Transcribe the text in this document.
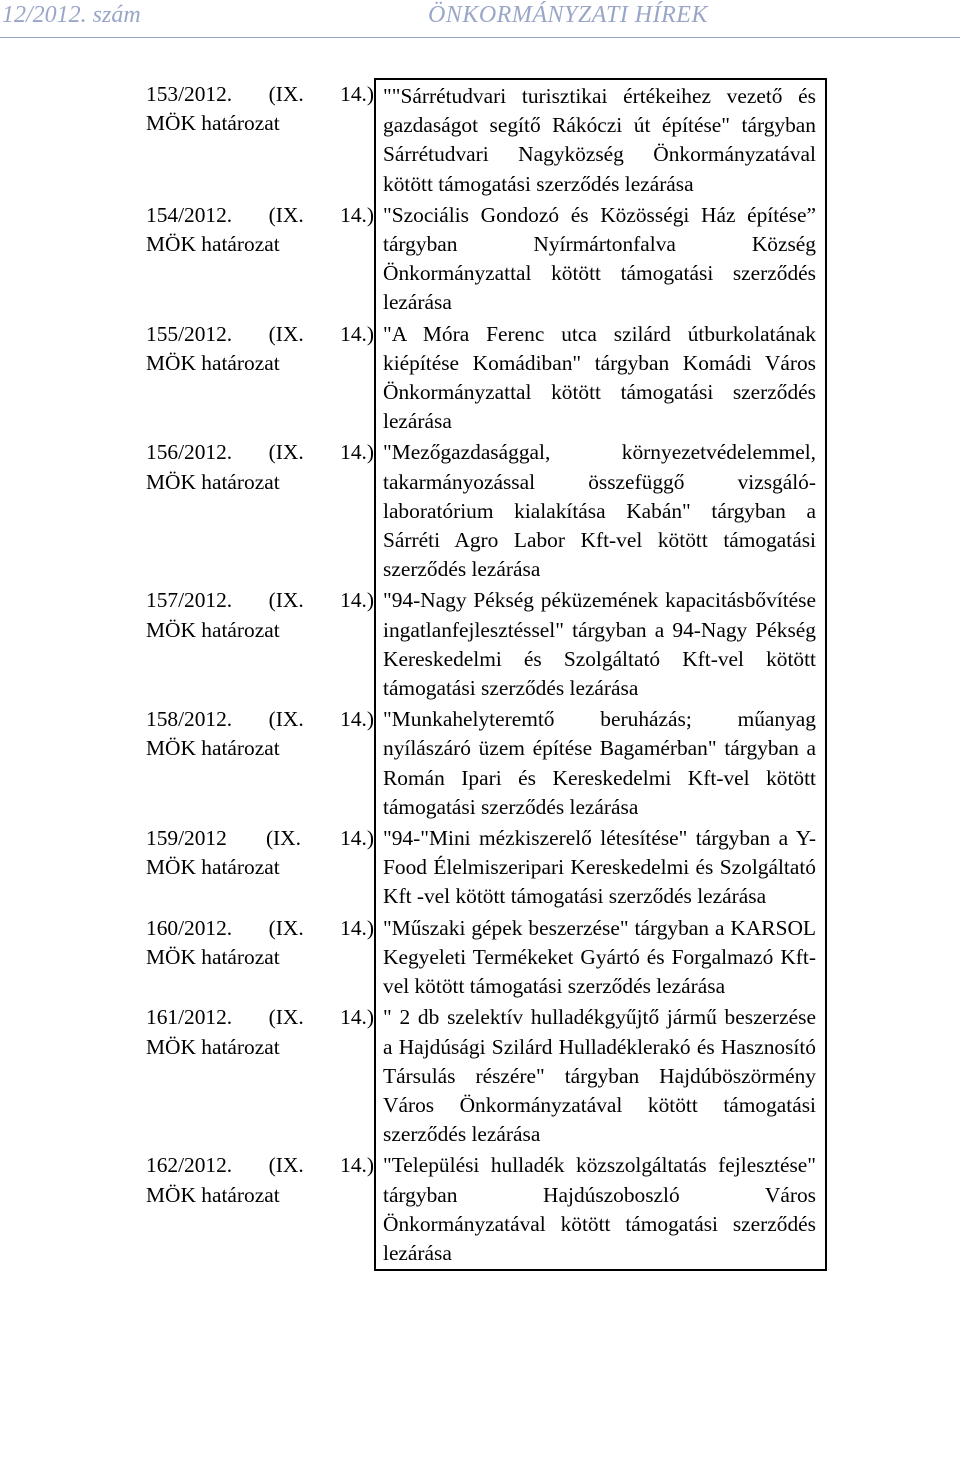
12/2012. szám	ÖNKORMÁNYZATI HÍREK
153/2012. (IX. 14.)
MÖK határozat
""Sárrétudvari turisztikai értékeihez vezető és gazdaságot segítő Rákóczi út építése" tárgyban Sárrétudvari Nagyközség Önkormányzatával kötött támogatási szerződés lezárása
154/2012. (IX. 14.)
MÖK határozat
"Szociális Gondozó és Közösségi Ház építése” tárgyban Nyírmártonfalva Község Önkormányzattal kötött támogatási szerződés lezárása
155/2012. (IX. 14.)
MÖK határozat
"A Móra Ferenc utca szilárd útburkolatának kiépítése Komádiban" tárgyban Komádi Város Önkormányzattal kötött támogatási szerződés lezárása
156/2012. (IX. 14.)
MÖK határozat
"Mezőgazdasággal, környezetvédelemmel, takarmányozással összefüggő vizsgáló-laboratórium kialakítása Kabán" tárgyban a Sárréti Agro Labor Kft-vel kötött támogatási szerződés lezárása
157/2012. (IX. 14.)
MÖK határozat
"94-Nagy Pékség péküzemének kapacitásbővítése ingatlanfejlesztéssel" tárgyban a 94-Nagy Pékség Kereskedelmi és Szolgáltató Kft-vel kötött támogatási szerződés lezárása
158/2012. (IX. 14.)
MÖK határozat
"Munkahelyteremtő beruházás; műanyag nyílászáró üzem építése Bagamérban" tárgyban a Román Ipari és Kereskedelmi Kft-vel kötött támogatási szerződés lezárása
159/2012 (IX. 14.)
MÖK határozat
"94-"Mini mézkiszerelő létesítése" tárgyban a Y-Food Élelmiszeripari Kereskedelmi és Szolgáltató Kft -vel kötött támogatási szerződés lezárása
160/2012. (IX. 14.)
MÖK határozat
"Műszaki gépek beszerzése" tárgyban a KARSOL Kegyeleti Termékeket Gyártó és Forgalmazó Kft-vel kötött támogatási szerződés lezárása
161/2012. (IX. 14.)
MÖK határozat
" 2 db szelektív hulladékgyűjtő jármű beszerzése a Hajdúsági Szilárd Hulladéklerakó és Hasznosító Társulás részére" tárgyban Hajdúböszörmény Város Önkormányzatával kötött támogatási szerződés lezárása
162/2012. (IX. 14.)
MÖK határozat
"Települési hulladék közszolgáltatás fejlesztése" tárgyban Hajdúszoboszló Város Önkormányzatával kötött támogatási szerződés lezárása
